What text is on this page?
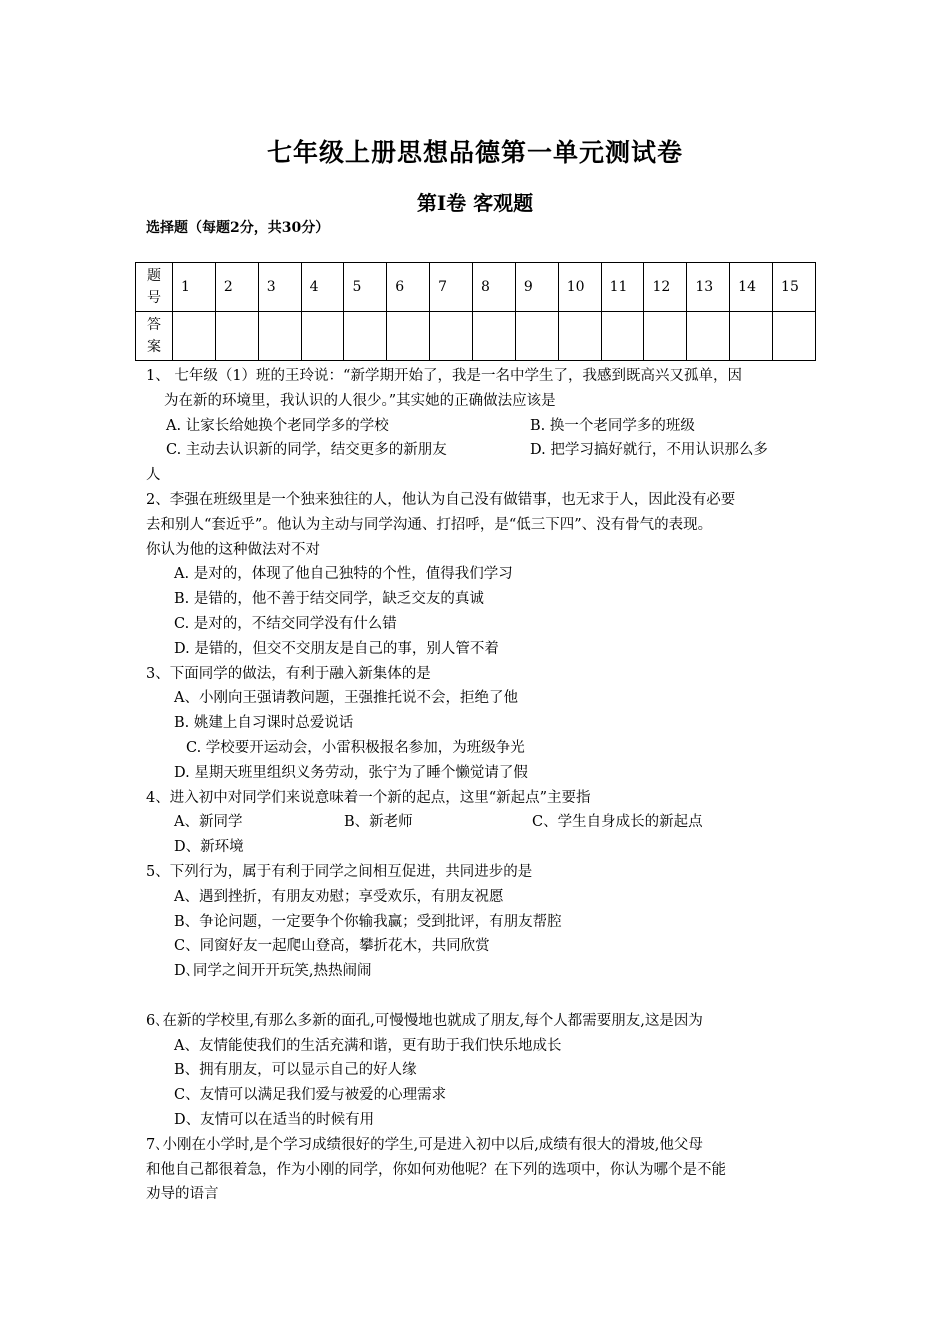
七年级上册思想品德第一单元测试卷
第Ⅰ卷 客观题
选择题（每题2分，共30分）
题
号	1	2	3	4	5	6	7	8	9	10	11	12	13	14	15

答
案															

1、 七年级（1）班的王玲说：“新学期开始了，我是一名中学生了，我感到既高兴又孤单，因

为在新的环境里，我认识的人很少。”其实她的正确做法应该是

A. 让家长给她换个老同学多的学校	B. 换一个老同学多的班级
C. 主动去认识新的同学，结交更多的新朋友	D. 把学习搞好就行，不用认识那么多

人

2、李强在班级里是一个独来独往的人，他认为自己没有做错事，也无求于人，因此没有必要

去和别人“套近乎”。他认为主动与同学沟通、打招呼，是“低三下四”、没有骨气的表现。

你认为他的这种做法对不对

A. 是对的，体现了他自己独特的个性，值得我们学习

B. 是错的，他不善于结交同学，缺乏交友的真诚

C. 是对的，不结交同学没有什么错

D. 是错的，但交不交朋友是自己的事，别人管不着

3、下面同学的做法，有利于融入新集体的是

A、小刚向王强请教问题，王强推托说不会，拒绝了他

B. 姚建上自习课时总爱说话

C. 学校要开运动会，小雷积极报名参加，为班级争光

D. 星期天班里组织义务劳动，张宁为了睡个懒觉请了假

4、进入初中对同学们来说意味着一个新的起点，这里“新起点”主要指

A、新同学	B、新老师	C、学生自身成长的新起点

D、新环境

5、下列行为，属于有利于同学之间相互促进，共同进步的是

A、遇到挫折，有朋友劝慰；享受欢乐，有朋友祝愿

B、争论问题，一定要争个你输我赢；受到批评，有朋友帮腔

C、同窗好友一起爬山登高，攀折花木，共同欣赏

D､同学之间开开玩笑,热热闹闹

6､在新的学校里,有那么多新的面孔,可慢慢地也就成了朋友,每个人都需要朋友,这是因为

A、友情能使我们的生活充满和谐，更有助于我们快乐地成长

B、拥有朋友，可以显示自己的好人缘

C、友情可以满足我们爱与被爱的心理需求

D、友情可以在适当的时候有用

7､小刚在小学时,是个学习成绩很好的学生,可是进入初中以后,成绩有很大的滑坡,他父母

和他自己都很着急，作为小刚的同学，你如何劝他呢？在下列的选项中，你认为哪个是不能

劝导的语言
